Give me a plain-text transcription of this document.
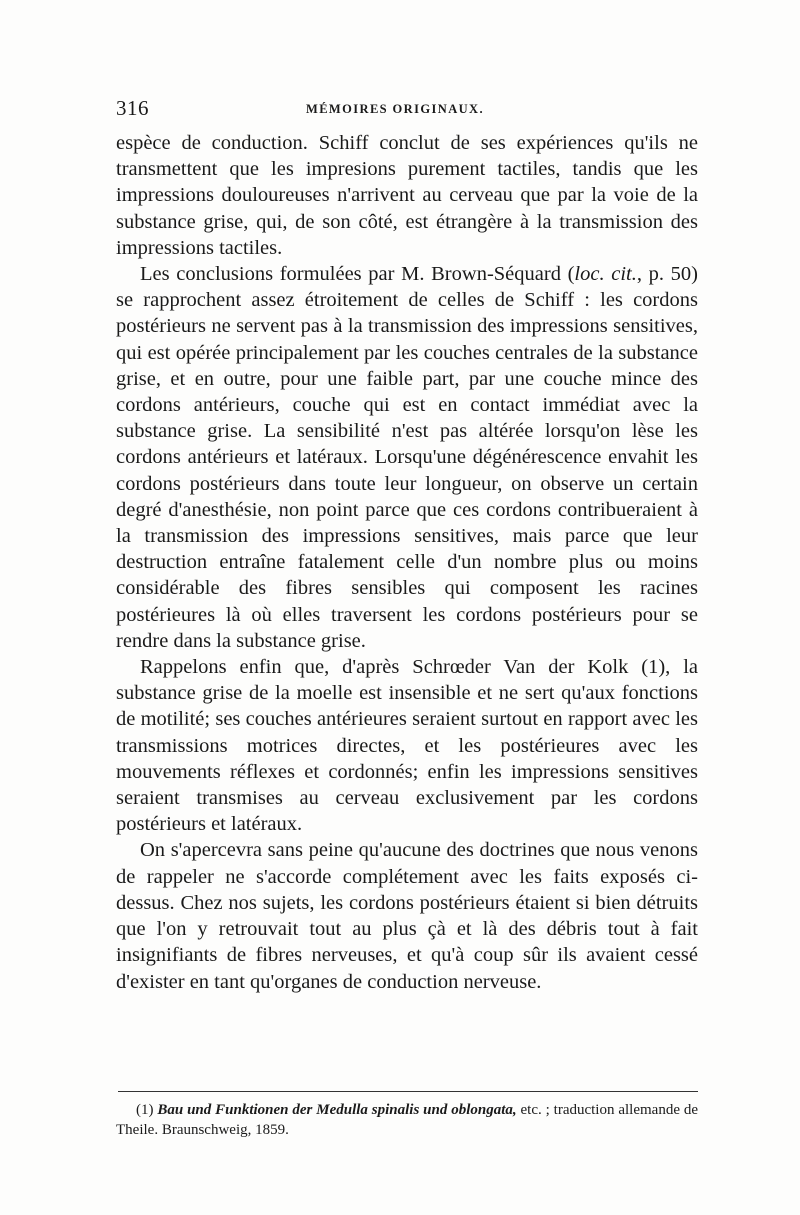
316	MÉMOIRES ORIGINAUX.

espèce de conduction. Schiff conclut de ses expériences qu'ils ne transmettent que les impresions purement tactiles, tandis que les impressions douloureuses n'arrivent au cerveau que par la voie de la substance grise, qui, de son côté, est étrangère à la transmission des impressions tactiles.

Les conclusions formulées par M. Brown-Séquard (loc. cit., p. 50) se rapprochent assez étroitement de celles de Schiff : les cordons postérieurs ne servent pas à la transmission des impressions sensitives, qui est opérée principalement par les couches centrales de la substance grise, et en outre, pour une faible part, par une couche mince des cordons antérieurs, couche qui est en contact immédiat avec la substance grise. La sensibilité n'est pas altérée lorsqu'on lèse les cordons antérieurs et latéraux. Lorsqu'une dégénérescence envahit les cordons postérieurs dans toute leur longueur, on observe un certain degré d'anesthésie, non point parce que ces cordons contribueraient à la transmission des impressions sensitives, mais parce que leur destruction entraîne fatalement celle d'un nombre plus ou moins considérable des fibres sensibles qui composent les racines postérieures là où elles traversent les cordons postérieurs pour se rendre dans la substance grise.

Rappelons enfin que, d'après Schrœder Van der Kolk (1), la substance grise de la moelle est insensible et ne sert qu'aux fonctions de motilité; ses couches antérieures seraient surtout en rapport avec les transmissions motrices directes, et les postérieures avec les mouvements réflexes et cordonnés; enfin les impressions sensitives seraient transmises au cerveau exclusivement par les cordons postérieurs et latéraux.

On s'apercevra sans peine qu'aucune des doctrines que nous venons de rappeler ne s'accorde complétement avec les faits exposés ci-dessus. Chez nos sujets, les cordons postérieurs étaient si bien détruits que l'on y retrouvait tout au plus çà et là des débris tout à fait insignifiants de fibres nerveuses, et qu'à coup sûr ils avaient cessé d'exister en tant qu'organes de conduction nerveuse.

(1) Bau und Funktionen der Medulla spinalis und oblongata, etc. ; traduction allemande de Theile. Braunschweig, 1859.
